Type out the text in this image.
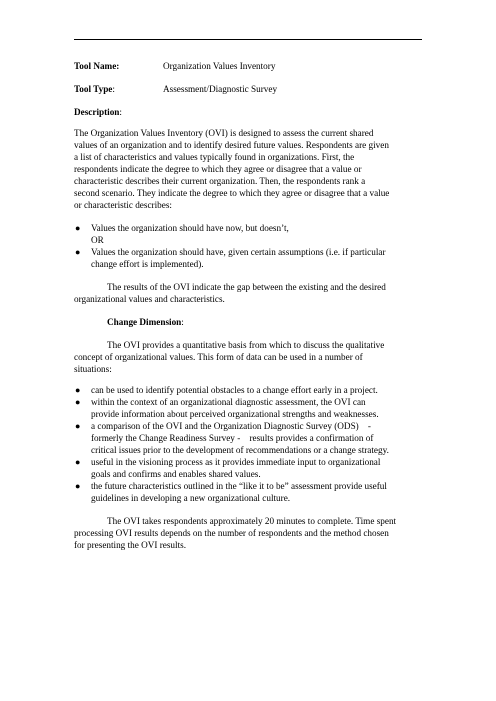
Tool Name:	Organization Values Inventory
Tool Type:	Assessment/Diagnostic Survey
Description:
The Organization Values Inventory (OVI) is designed to assess the current shared
values of an organization and to identify desired future values. Respondents are given
a list of characteristics and values typically found in organizations. First, the
respondents indicate the degree to which they agree or disagree that a value or
characteristic describes their current organization. Then, the respondents rank a
second scenario. They indicate the degree to which they agree or disagree that a value
or characteristic describes:
● Values the organization should have now, but doesn’t,
OR
● Values the organization should have, given certain assumptions (i.e. if particular
change effort is implemented).
The results of the OVI indicate the gap between the existing and the desired
organizational values and characteristics.
Change Dimension:
The OVI provides a quantitative basis from which to discuss the qualitative
concept of organizational values. This form of data can be used in a number of
situations:
● can be used to identify potential obstacles to a change effort early in a project.
● within the context of an organizational diagnostic assessment, the OVI can
provide information about perceived organizational strengths and weaknesses.
● a comparison of the OVI and the Organization Diagnostic Survey (ODS)    -
formerly the Change Readiness Survey -    results provides a confirmation of
critical issues prior to the development of recommendations or a change strategy.
● useful in the visioning process as it provides immediate input to organizational
goals and confirms and enables shared values.
● the future characteristics outlined in the “like it to be” assessment provide useful
guidelines in developing a new organizational culture.
The OVI takes respondents approximately 20 minutes to complete. Time spent
processing OVI results depends on the number of respondents and the method chosen
for presenting the OVI results.
